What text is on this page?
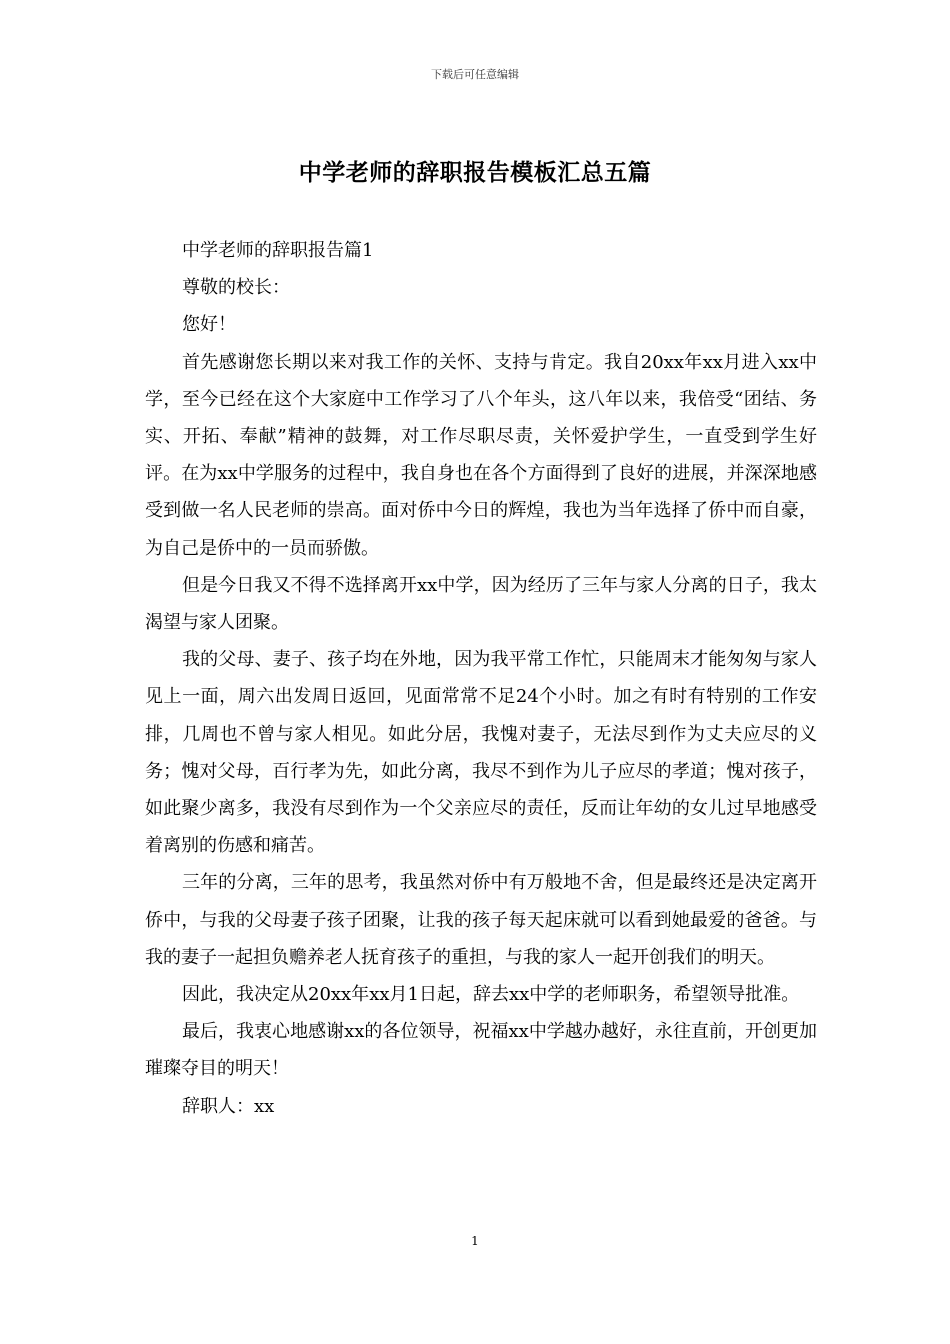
下载后可任意编辑
中学老师的辞职报告模板汇总五篇

中学老师的辞职报告篇1

尊敬的校长：

您好！

首先感谢您长期以来对我工作的关怀、支持与肯定。我自20xx年xx月进入xx中学，至今已经在这个大家庭中工作学习了八个年头，这八年以来，我倍受“团结、务实、开拓、奉献”精神的鼓舞，对工作尽职尽责，关怀爱护学生，一直受到学生好评。在为xx中学服务的过程中，我自身也在各个方面得到了良好的进展，并深深地感受到做一名人民老师的崇高。面对侨中今日的辉煌，我也为当年选择了侨中而自豪，为自己是侨中的一员而骄傲。

但是今日我又不得不选择离开xx中学，因为经历了三年与家人分离的日子，我太渴望与家人团聚。

我的父母、妻子、孩子均在外地，因为我平常工作忙，只能周末才能匆匆与家人见上一面，周六出发周日返回，见面常常不足24个小时。加之有时有特别的工作安排，几周也不曾与家人相见。如此分居，我愧对妻子，无法尽到作为丈夫应尽的义务；愧对父母，百行孝为先，如此分离，我尽不到作为儿子应尽的孝道；愧对孩子，如此聚少离多，我没有尽到作为一个父亲应尽的责任，反而让年幼的女儿过早地感受着离别的伤感和痛苦。

三年的分离，三年的思考，我虽然对侨中有万般地不舍，但是最终还是决定离开侨中，与我的父母妻子孩子团聚，让我的孩子每天起床就可以看到她最爱的爸爸。与我的妻子一起担负赡养老人抚育孩子的重担，与我的家人一起开创我们的明天。

因此，我决定从20xx年xx月1日起，辞去xx中学的老师职务，希望领导批准。

最后，我衷心地感谢xx的各位领导，祝福xx中学越办越好，永往直前，开创更加璀璨夺目的明天！

辞职人：xx

1
